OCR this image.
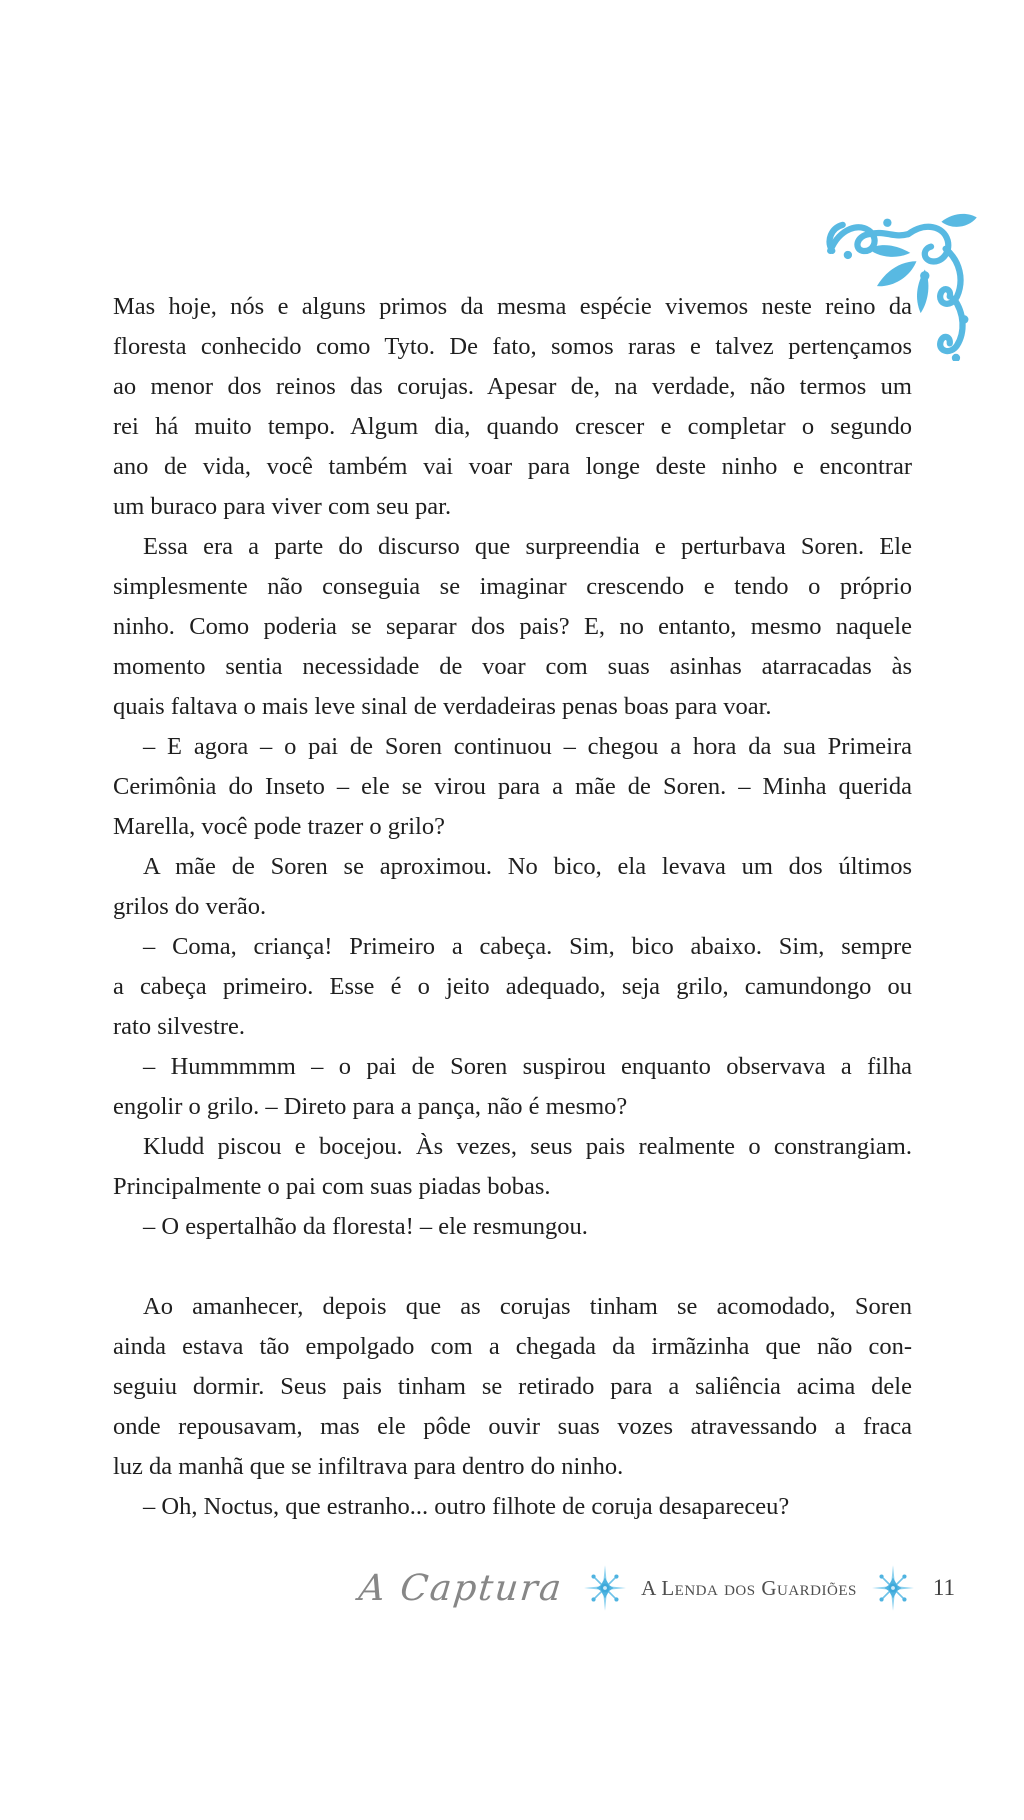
Mas hoje, nós e alguns primos da mesma espécie vivemos neste reino da
floresta conhecido como Tyto. De fato, somos raras e talvez pertençamos
ao menor dos reinos das corujas. Apesar de, na verdade, não termos um
rei há muito tempo. Algum dia, quando crescer e completar o segundo
ano de vida, você também vai voar para longe deste ninho e encontrar
um buraco para viver com seu par.
Essa era a parte do discurso que surpreendia e perturbava Soren. Ele
simplesmente não conseguia se imaginar crescendo e tendo o próprio
ninho. Como poderia se separar dos pais? E, no entanto, mesmo naquele
momento sentia necessidade de voar com suas asinhas atarracadas às
quais faltava o mais leve sinal de verdadeiras penas boas para voar.
– E agora – o pai de Soren continuou – chegou a hora da sua Primeira
Cerimônia do Inseto – ele se virou para a mãe de Soren. – Minha querida
Marella, você pode trazer o grilo?
A mãe de Soren se aproximou. No bico, ela levava um dos últimos
grilos do verão.
– Coma, criança! Primeiro a cabeça. Sim, bico abaixo. Sim, sempre
a cabeça primeiro. Esse é o jeito adequado, seja grilo, camundongo ou
rato silvestre.
– Hummmmm – o pai de Soren suspirou enquanto observava a filha
engolir o grilo. – Direto para a pança, não é mesmo?
Kludd piscou e bocejou. Às vezes, seus pais realmente o constrangiam.
Principalmente o pai com suas piadas bobas.
– O espertalhão da floresta! – ele resmungou.
Ao amanhecer, depois que as corujas tinham se acomodado, Soren
ainda estava tão empolgado com a chegada da irmãzinha que não con-
seguiu dormir. Seus pais tinham se retirado para a saliência acima dele
onde repousavam, mas ele pôde ouvir suas vozes atravessando a fraca
luz da manhã que se infiltrava para dentro do ninho.
– Oh, Noctus, que estranho... outro filhote de coruja desapareceu?
A Captura	A Lenda dos Guardiões	11
